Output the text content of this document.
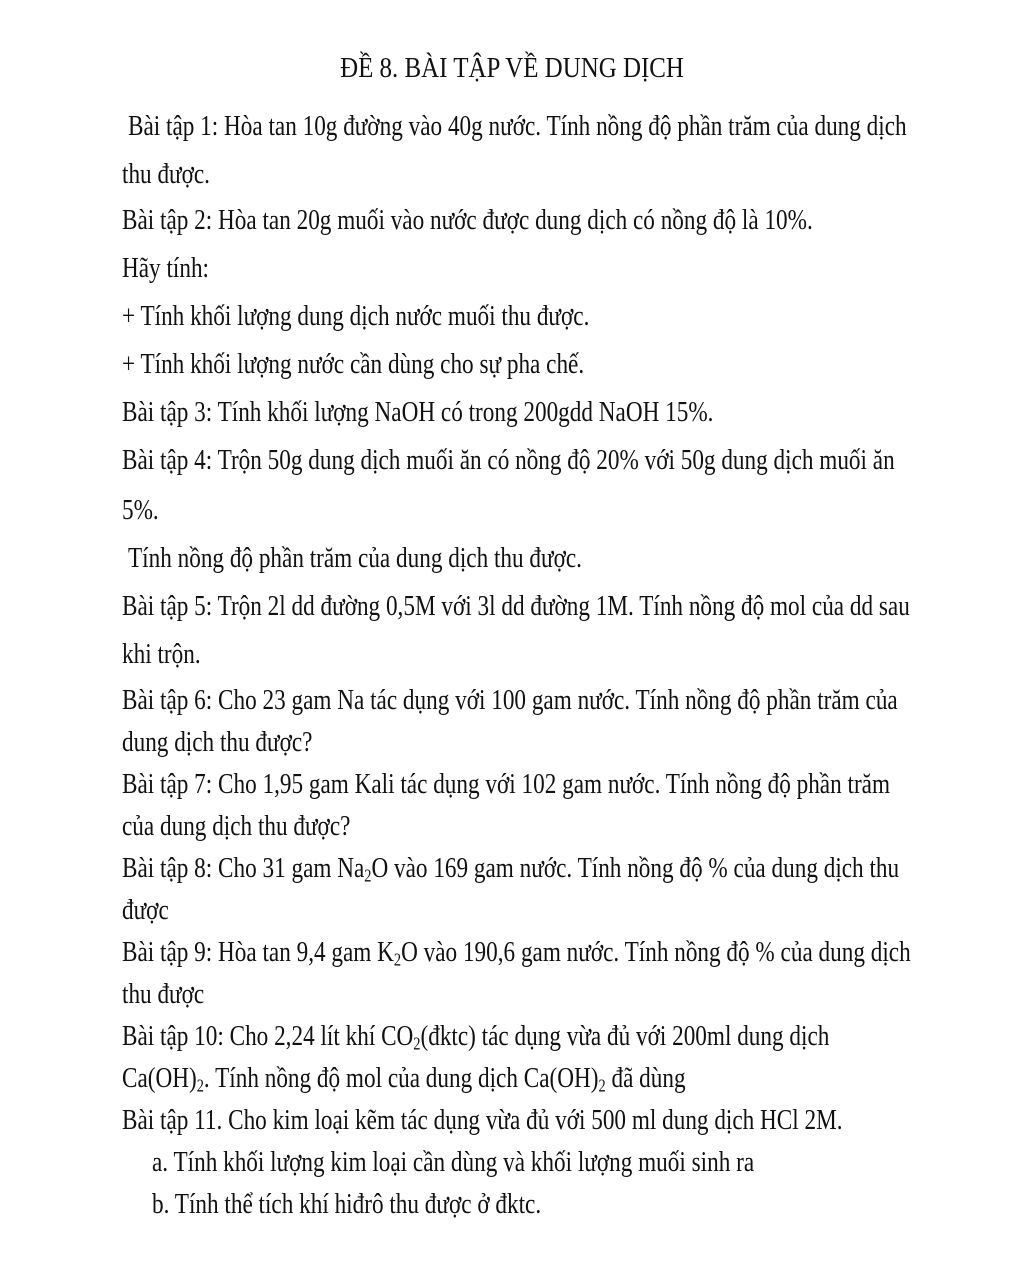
ĐỀ 8. BÀI TẬP VỀ DUNG DỊCH
Bài tập 1: Hòa tan 10g đường vào 40g nước. Tính nồng độ phần trăm của dung dịch
thu được.
Bài tập 2: Hòa tan 20g muối vào nước được dung dịch có nồng độ là 10%.
Hãy tính:
+ Tính khối lượng dung dịch nước muối thu được.
+ Tính khối lượng nước cần dùng cho sự pha chế.
Bài tập 3: Tính khối lượng NaOH có trong 200gdd NaOH 15%.
Bài tập 4: Trộn 50g dung dịch muối ăn có nồng độ 20% với 50g dung dịch muối ăn
5%.
Tính nồng độ phần trăm của dung dịch thu được.
Bài tập 5: Trộn 2l dd đường 0,5M với 3l dd đường 1M. Tính nồng độ mol của dd sau
khi trộn.
Bài tập 6: Cho 23 gam Na tác dụng với 100 gam nước. Tính nồng độ phần trăm của
dung dịch thu được?
Bài tập 7: Cho 1,95 gam Kali tác dụng với 102 gam nước. Tính nồng độ phần trăm
của dung dịch thu được?
Bài tập 8: Cho 31 gam $Na_2O$ vào 169 gam nước. Tính nồng độ % của dung dịch thu
được
Bài tập 9: Hòa tan 9,4 gam $K_2O$ vào 190,6 gam nước. Tính nồng độ % của dung dịch
thu được
Bài tập 10: Cho 2,24 lít khí $CO_2(đktc)$ tác dụng vừa đủ với 200ml dung dịch
$Ca(OH)_2$. Tính nồng độ mol của dung dịch $Ca(OH)_2$ đã dùng
Bài tập 11. Cho kim loại kẽm tác dụng vừa đủ với 500 ml dung dịch HCl 2M.
a. Tính khối lượng kim loại cần dùng và khối lượng muối sinh ra
b. Tính thể tích khí hiđrô thu được ở đktc.
